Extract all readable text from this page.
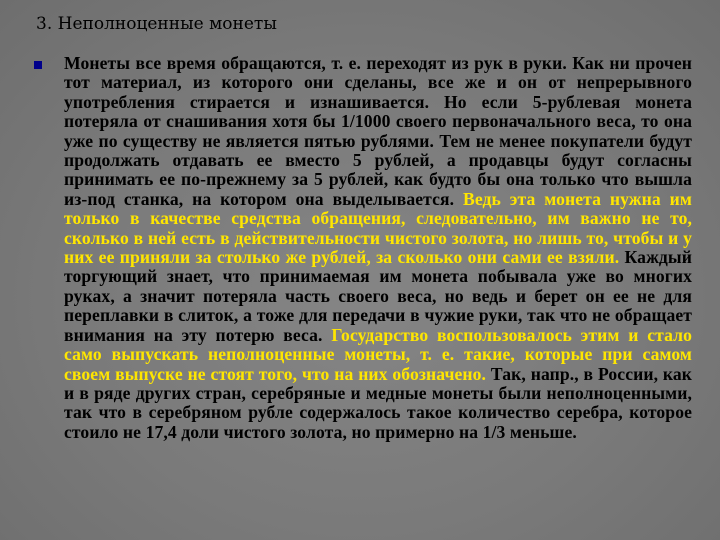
3. Неполноценные монеты

Монеты все время обращаются, т. е. переходят из рук в руки. Как ни прочен тот материал, из которого они сделаны, все же и он от непрерывного употребления стирается и изнашивается. Но если 5-рублевая монета потеряла от снашивания хотя бы 1/1000 своего первоначального веса, то она уже по существу не является пятью рублями. Тем не менее покупатели будут продолжать отдавать ее вместо 5 рублей, а продавцы будут согласны принимать ее по-прежнему за 5 рублей, как будто бы она только что вышла из-под станка, на котором она выделывается. Ведь эта монета нужна им только в качестве средства обращения, следовательно, им важно не то, сколько в ней есть в действительности чистого золота, но лишь то, чтобы и у них ее приняли за столько же рублей, за сколько они сами ее взяли. Каждый торгующий знает, что принимаемая им монета побывала уже во многих руках, а значит потеряла часть своего веса, но ведь и берет он ее не для переплавки в слиток, а тоже для передачи в чужие руки, так что не обращает внимания на эту потерю веса. Государство воспользовалось этим и стало само выпускать неполноценные монеты, т. е. такие, которые при самом своем выпуске не стоят того, что на них обозначено. Так, напр., в России, как и в ряде других стран, серебряные и медные монеты были неполноценными, так что в серебряном рубле содержалось такое количество серебра, которое стоило не 17,4 доли чистого золота, но примерно на 1/3 меньше.
